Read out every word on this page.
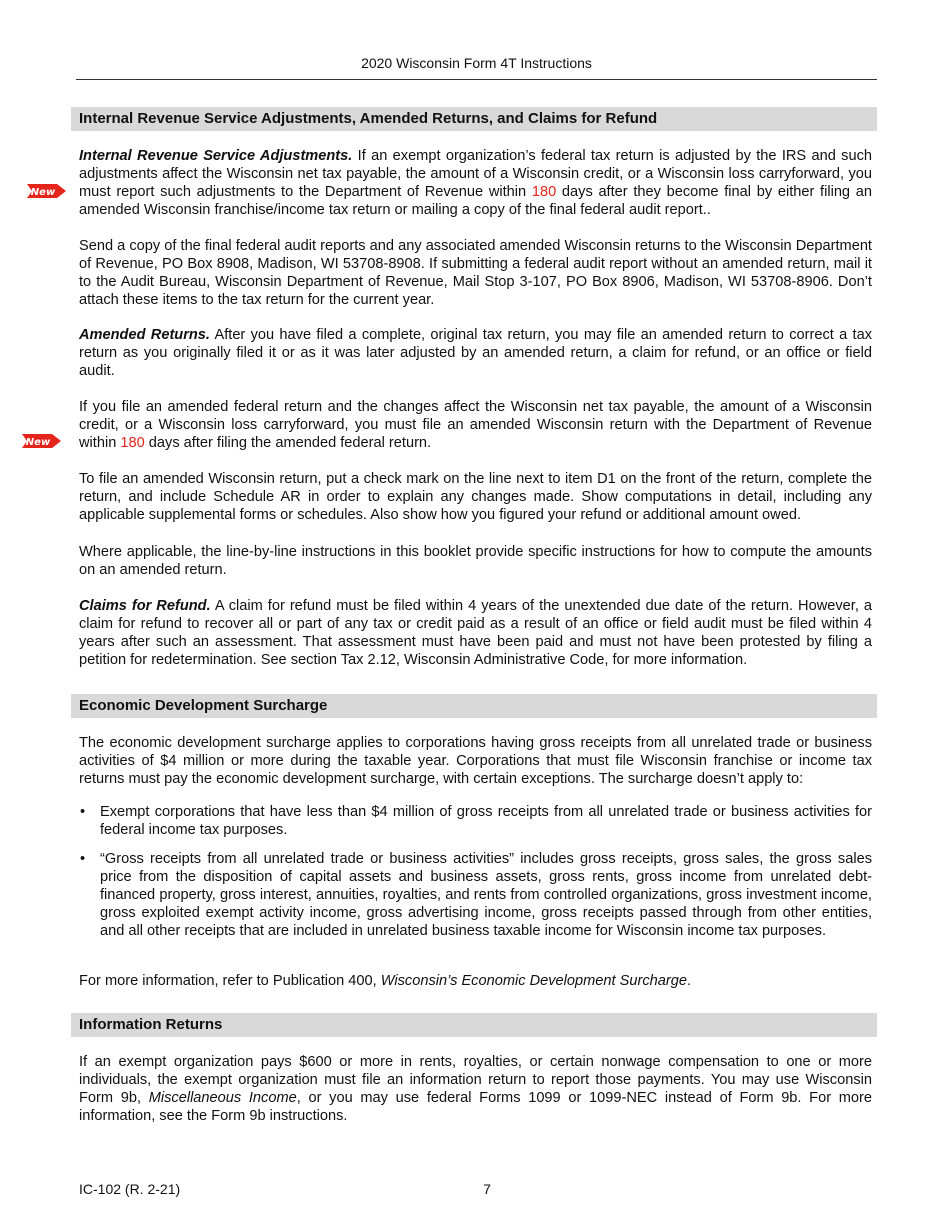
2020 Wisconsin Form 4T Instructions
Internal Revenue Service Adjustments, Amended Returns, and Claims for Refund

Internal Revenue Service Adjustments. If an exempt organization’s federal tax return is adjusted by the IRS and such adjustments affect the Wisconsin net tax payable, the amount of a Wisconsin credit, or a Wisconsin loss carryforward, you must report such adjustments to the Department of Revenue within 180 days after they become final by either filing an amended Wisconsin franchise/income tax return or mailing a copy of the final federal audit report..

New

Send a copy of the final federal audit reports and any associated amended Wisconsin returns to the Wisconsin Department of Revenue, PO Box 8908, Madison, WI 53708-8908. If submitting a federal audit report without an amended return, mail it to the Audit Bureau, Wisconsin Department of Revenue, Mail Stop 3-107, PO Box 8906, Madison, WI 53708-8906. Don’t attach these items to the tax return for the current year.

Amended Returns. After you have filed a complete, original tax return, you may file an amended return to correct a tax return as you originally filed it or as it was later adjusted by an amended return, a claim for refund, or an office or field audit.

If you file an amended federal return and the changes affect the Wisconsin net tax payable, the amount of a Wisconsin credit, or a Wisconsin loss carryforward, you must file an amended Wisconsin return with the Department of Revenue within 180 days after filing the amended federal return.

New

To file an amended Wisconsin return, put a check mark on the line next to item D1 on the front of the return, complete the return, and include Schedule AR in order to explain any changes made. Show computations in detail, including any applicable supplemental forms or schedules. Also show how you figured your refund or additional amount owed.

Where applicable, the line-by-line instructions in this booklet provide specific instructions for how to compute the amounts on an amended return.

Claims for Refund. A claim for refund must be filed within 4 years of the unextended due date of the return. However, a claim for refund to recover all or part of any tax or credit paid as a result of an office or field audit must be filed within 4 years after such an assessment. That assessment must have been paid and must not have been protested by filing a petition for redetermination. See section Tax 2.12, Wisconsin Administrative Code, for more information.

Economic Development Surcharge

The economic development surcharge applies to corporations having gross receipts from all unrelated trade or business activities of $4 million or more during the taxable year. Corporations that must file Wisconsin franchise or income tax returns must pay the economic development surcharge, with certain exceptions. The surcharge doesn’t apply to:

•	Exempt corporations that have less than $4 million of gross receipts from all unrelated trade or business activities for federal income tax purposes.
•	“Gross receipts from all unrelated trade or business activities” includes gross receipts, gross sales, the gross sales price from the disposition of capital assets and business assets, gross rents, gross income from unrelated debt-financed property, gross interest, annuities, royalties, and rents from controlled organizations, gross investment income, gross exploited exempt activity income, gross advertising income, gross receipts passed through from other entities, and all other receipts that are included in unrelated business taxable income for Wisconsin income tax purposes.

For more information, refer to Publication 400, Wisconsin’s Economic Development Surcharge.

Information Returns

If an exempt organization pays $600 or more in rents, royalties, or certain nonwage compensation to one or more individuals, the exempt organization must file an information return to report those payments. You may use Wisconsin Form 9b, Miscellaneous Income, or you may use federal Forms 1099 or 1099-NEC instead of Form 9b. For more information, see the Form 9b instructions.

IC-102 (R. 2-21)	7
